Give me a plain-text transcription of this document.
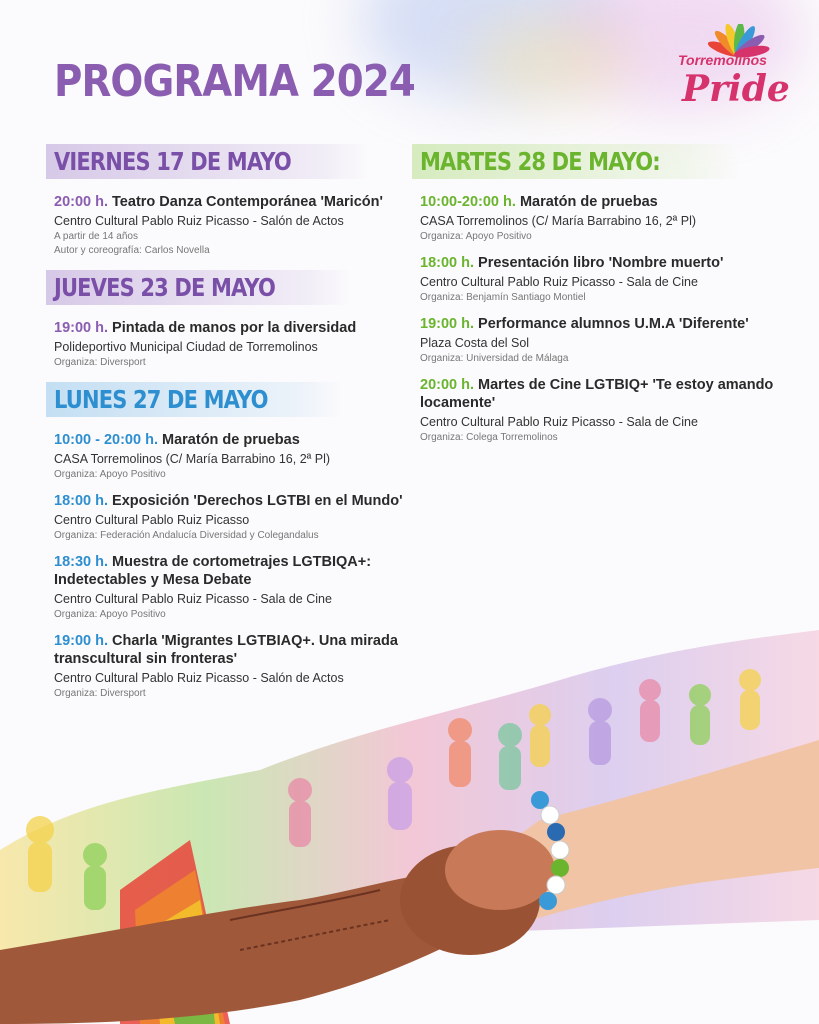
PROGRAMA 2024	Torremolinos
Pride
VIERNES 17 DE MAYO
20:00 h. Teatro Danza Contemporánea 'Maricón'
Centro Cultural Pablo Ruiz Picasso - Salón de Actos
A partir de 14 años
Autor y coreografía: Carlos Novella
JUEVES 23 DE MAYO
19:00 h. Pintada de manos por la diversidad
Polideportivo Municipal Ciudad de Torremolinos
Organiza: Diversport
LUNES 27 DE MAYO
10:00 - 20:00 h. Maratón de pruebas
CASA Torremolinos (C/ María Barrabino 16, 2ª Pl)
Organiza: Apoyo Positivo
18:00 h. Exposición 'Derechos LGTBI en el Mundo'
Centro Cultural Pablo Ruiz Picasso
Organiza: Federación Andalucía Diversidad y Colegandalus
18:30 h. Muestra de cortometrajes LGTBIQA+: Indetectables y Mesa Debate
Centro Cultural Pablo Ruiz Picasso - Sala de Cine
Organiza: Apoyo Positivo
19:00 h. Charla 'Migrantes LGTBIAQ+. Una mirada transcultural sin fronteras'
Centro Cultural Pablo Ruiz Picasso - Salón de Actos
Organiza: Diversport
MARTES 28 DE MAYO:
10:00-20:00 h. Maratón de pruebas
CASA Torremolinos (C/ María Barrabino 16, 2ª Pl)
Organiza: Apoyo Positivo
18:00 h. Presentación libro 'Nombre muerto'
Centro Cultural Pablo Ruiz Picasso - Sala de Cine
Organiza: Benjamín Santiago Montiel
19:00 h. Performance alumnos U.M.A 'Diferente'
Plaza Costa del Sol
Organiza: Universidad de Málaga
20:00 h. Martes de Cine LGTBIQ+ 'Te estoy amando locamente'
Centro Cultural Pablo Ruiz Picasso - Sala de Cine
Organiza: Colega Torremolinos
